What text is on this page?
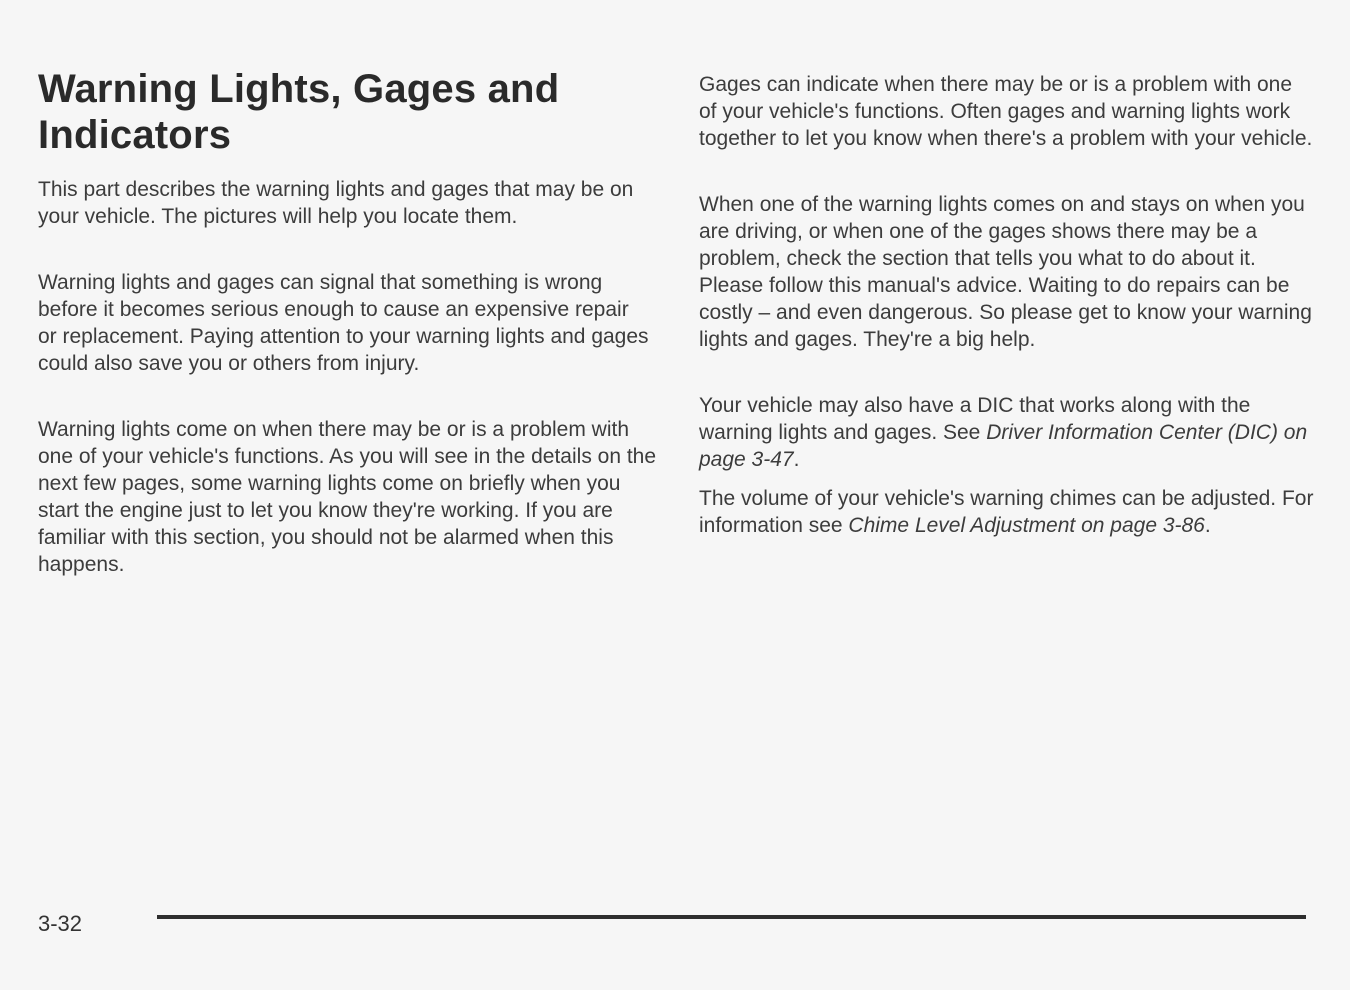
Warning Lights, Gages and Indicators

This part describes the warning lights and gages that may be on your vehicle. The pictures will help you locate them.

Warning lights and gages can signal that something is wrong before it becomes serious enough to cause an expensive repair or replacement. Paying attention to your warning lights and gages could also save you or others from injury.

Warning lights come on when there may be or is a problem with one of your vehicle's functions. As you will see in the details on the next few pages, some warning lights come on briefly when you start the engine just to let you know they're working. If you are familiar with this section, you should not be alarmed when this happens.

Gages can indicate when there may be or is a problem with one of your vehicle's functions. Often gages and warning lights work together to let you know when there's a problem with your vehicle.

When one of the warning lights comes on and stays on when you are driving, or when one of the gages shows there may be a problem, check the section that tells you what to do about it. Please follow this manual's advice. Waiting to do repairs can be costly – and even dangerous. So please get to know your warning lights and gages. They're a big help.

Your vehicle may also have a DIC that works along with the warning lights and gages. See Driver Information Center (DIC) on page 3-47.

The volume of your vehicle's warning chimes can be adjusted. For information see Chime Level Adjustment on page 3-86.

3-32
